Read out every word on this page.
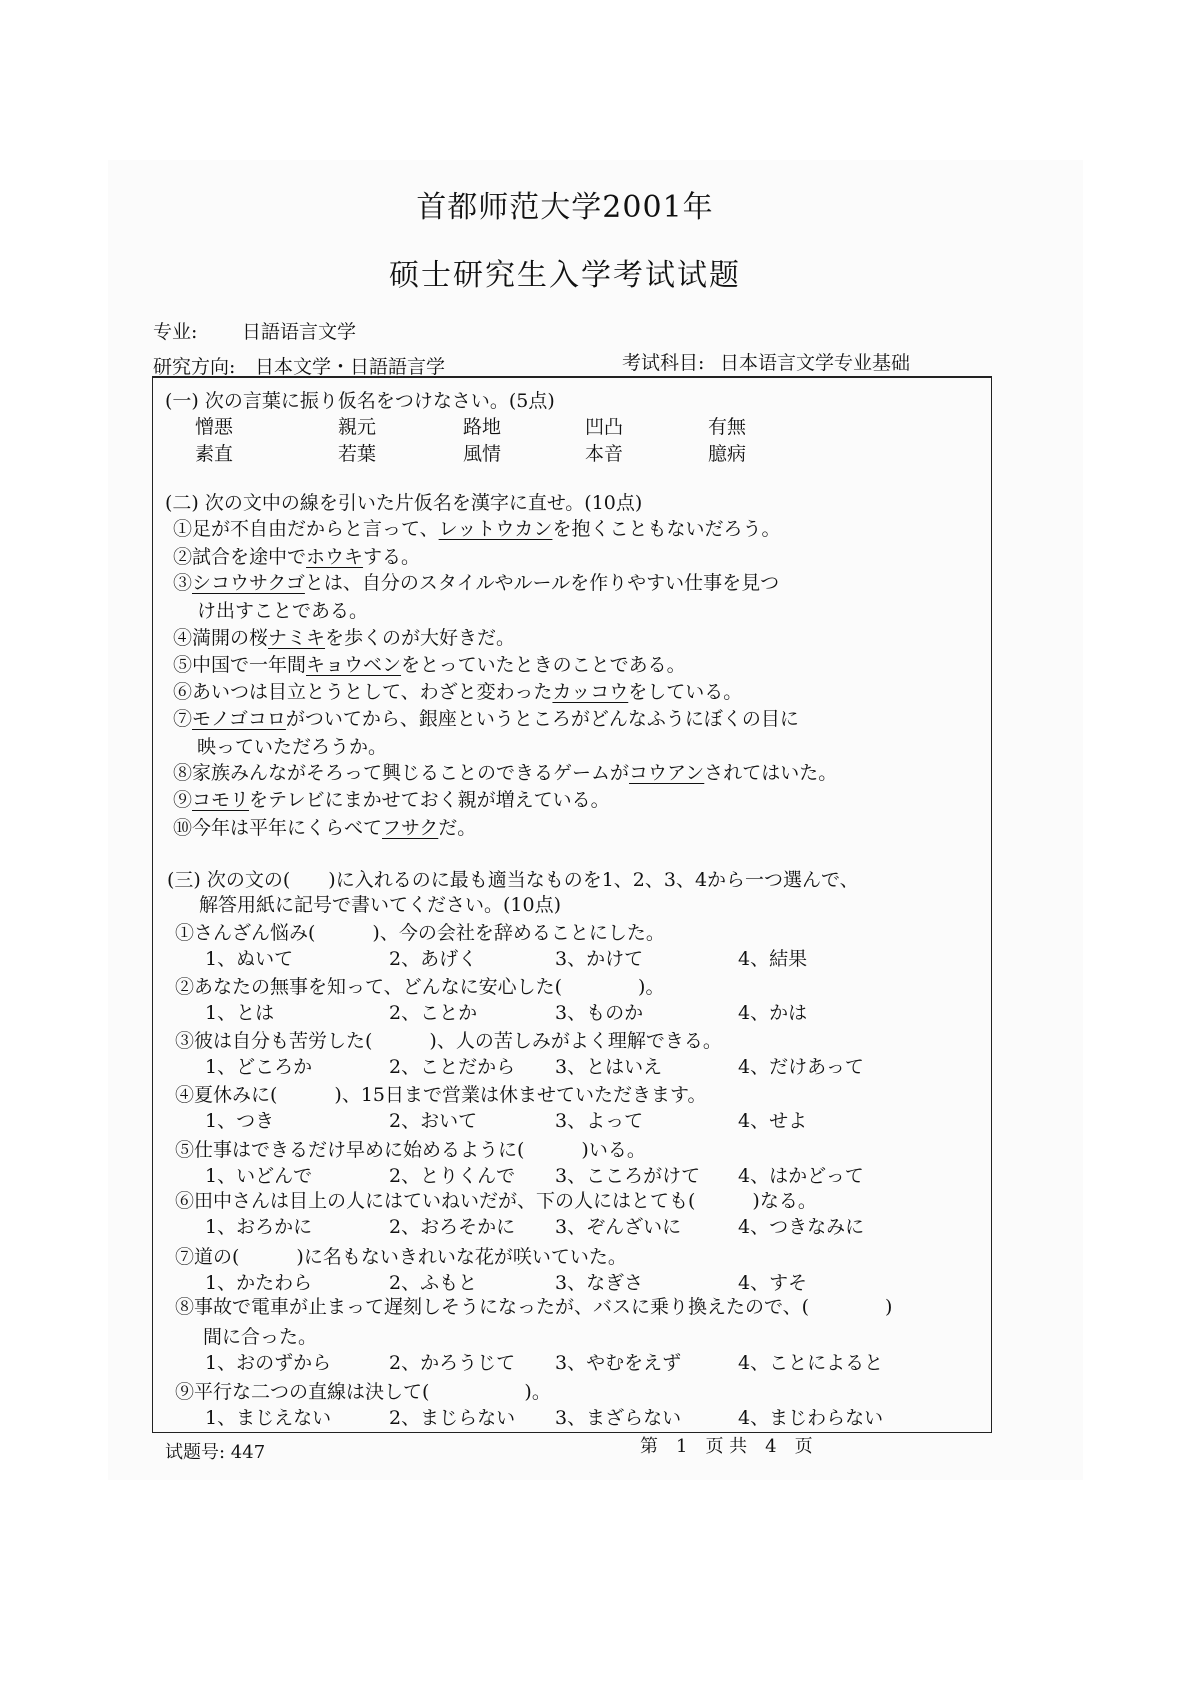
首都师范大学2001年
硕士研究生入学考试试题
专业: 日語语言文学
研究方向: 日本文学・日語語言学	考试科目: 日本语言文学专业基础
(一) 次の言葉に振り仮名をつけなさい。(5点)
憎悪	親元	路地	凹凸	有無
素直	若葉	風情	本音	臆病
(二) 次の文中の線を引いた片仮名を漢字に直せ。(10点)
①足が不自由だからと言って、レットウカンを抱くこともないだろう。
②試合を途中でホウキする。
③シコウサクゴとは、自分のスタイルやルールを作りやすい仕事を見つ
け出すことである。
④満開の桜ナミキを歩くのが大好きだ。
⑤中国で一年間キョウベンをとっていたときのことである。
⑥あいつは目立とうとして、わざと変わったカッコウをしている。
⑦モノゴコロがついてから、銀座というところがどんなふうにぼくの目に
映っていただろうか。
⑧家族みんながそろって興じることのできるゲームがコウアンされてはいた。
⑨コモリをテレビにまかせておく親が増えている。
⑩今年は平年にくらべてフサクだ。
(三) 次の文の(　　)に入れるのに最も適当なものを1、2、3、4から一つ選んで、
解答用紙に記号で書いてください。(10点)
①さんざん悩み(　　　)、今の会社を辞めることにした。
1、ぬいて	2、あげく	3、かけて	4、結果
②あなたの無事を知って、どんなに安心した(　　　　)。
1、とは	2、ことか	3、ものか	4、かは
③彼は自分も苦労した(　　　)、人の苦しみがよく理解できる。
1、どころか	2、ことだから 3、とはいえ	4、だけあって
④夏休みに(　　　)、15日まで営業は休ませていただきます。
1、つき	2、おいて	3、よって	4、せよ
⑤仕事はできるだけ早めに始めるように(　　　)いる。
1、いどんで	2、とりくんで 3、こころがけて 4、はかどって
⑥田中さんは目上の人にはていねいだが、下の人にはとても(　　　)なる。
1、おろかに	2、おろそかに 3、ぞんざいに	4、つきなみに
⑦道の(　　　)に名もないきれいな花が咲いていた。
1、かたわら	2、ふもと	3、なぎさ	4、すそ
⑧事故で電車が止まって遅刻しそうになったが、バスに乗り換えたので、(　　　　)
間に合った。
1、おのずから	2、かろうじて 3、やむをえず	4、ことによると
⑨平行な二つの直線は決して(　　　　　)。
1、まじえない	2、まじらない 3、まざらない	4、まじわらない
试题号: 447	第　1　页 共　4　页
